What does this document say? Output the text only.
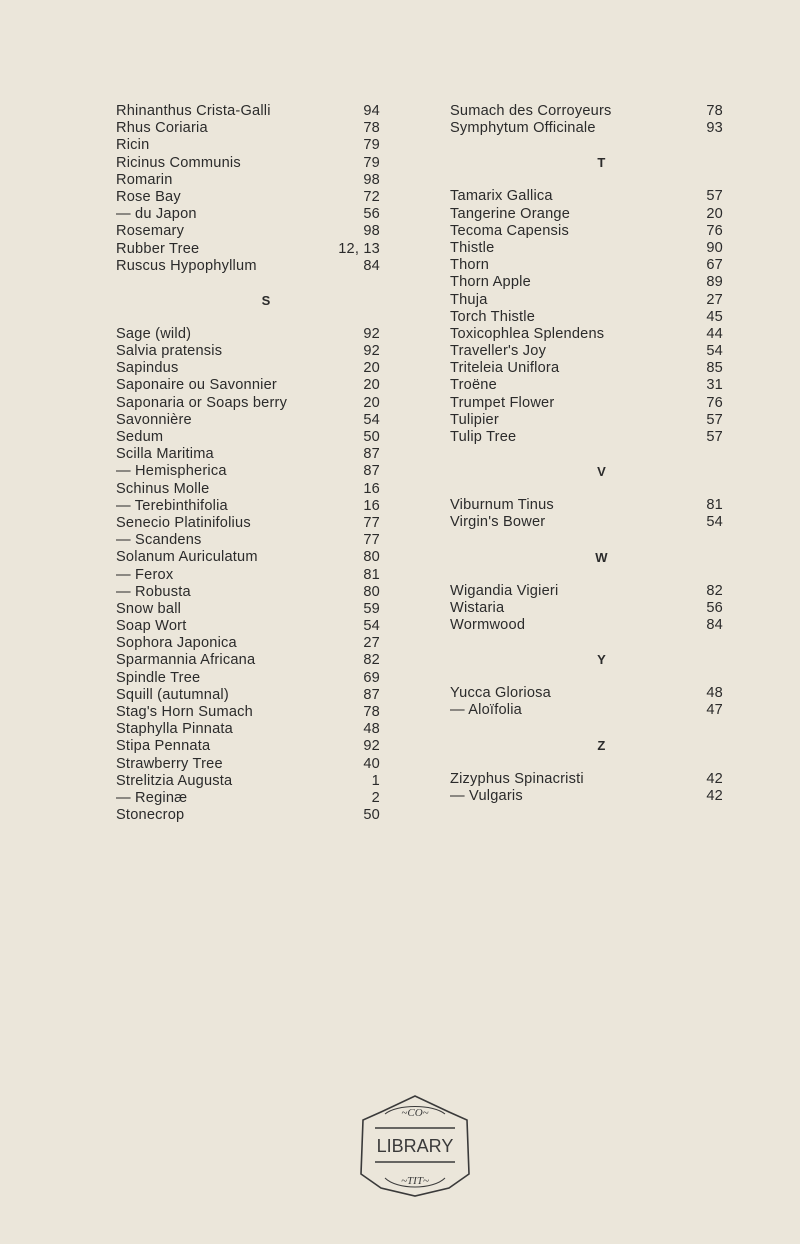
Rhinanthus Crista-Galli	94
Rhus Coriaria	78
Ricin	79
Ricinus Communis	79
Romarin	98
Rose Bay	72
— du Japon	56
Rosemary	98
Rubber Tree	12, 13
Ruscus Hypophyllum	84
S
Sage (wild)	92
Salvia pratensis	92
Sapindus	20
Saponaire ou Savonnier	20
Saponaria or Soaps berry	20
Savonnière	54
Sedum	50
Scilla Maritima	87
— Hemispherica	87
Schinus Molle	16
— Terebinthifolia	16
Senecio Platinifolius	77
— Scandens	77
Solanum Auriculatum	80
— Ferox	81
— Robusta	80
Snow ball	59
Soap Wort	54
Sophora Japonica	27
Sparmannia Africana	82
Spindle Tree	69
Squill (autumnal)	87
Stag's Horn Sumach	78
Staphylla Pinnata	48
Stipa Pennata	92
Strawberry Tree	40
Strelitzia Augusta	1
— Reginæ	2
Stonecrop	50
Sumach des Corroyeurs	78
Symphytum Officinale	93
T
Tamarix Gallica	57
Tangerine Orange	20
Tecoma Capensis	76
Thistle	90
Thorn	67
Thorn Apple	89
Thuja	27
Torch Thistle	45
Toxicophlea Splendens	44
Traveller's Joy	54
Triteleia Uniflora	85
Troëne	31
Trumpet Flower	76
Tulipier	57
Tulip Tree	57
V
Viburnum Tinus	81
Virgin's Bower	54
W
Wigandia Vigieri	82
Wistaria	56
Wormwood	84
Y
Yucca Gloriosa	48
— Aloïfolia	47
Z
Zizyphus Spinacristi	42
— Vulgaris	42
~CO~
~TIT~
LIBRARY
